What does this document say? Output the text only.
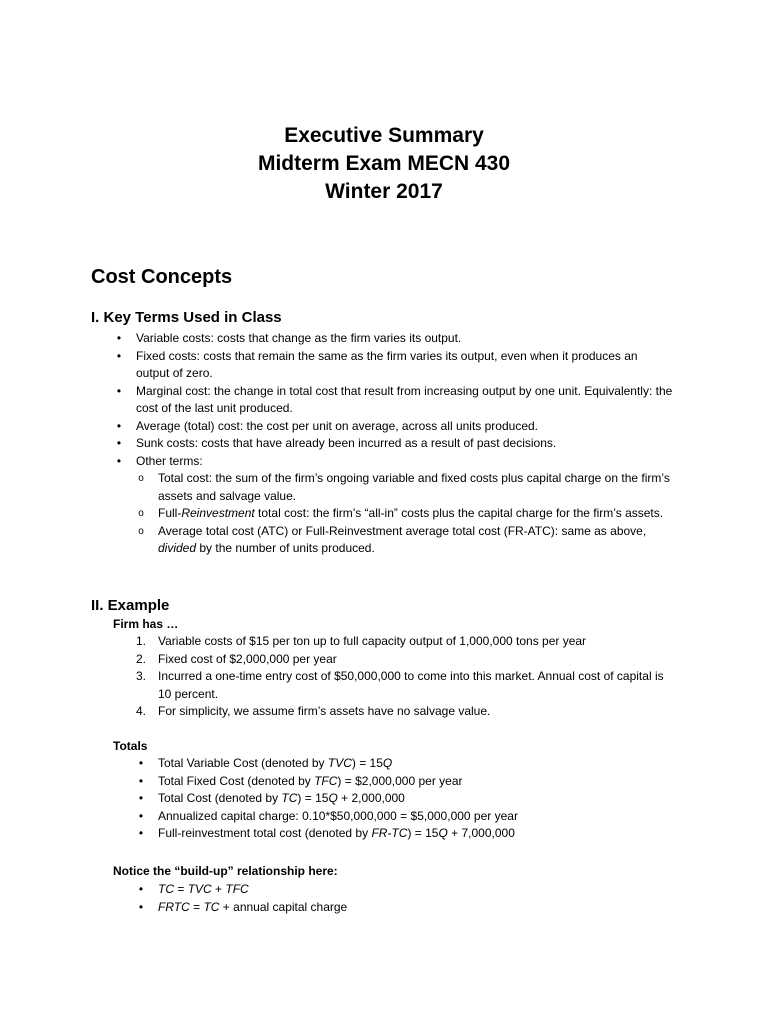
Executive Summary
Midterm Exam MECN 430
Winter 2017
Cost Concepts
I. Key Terms Used in Class
• Variable costs: costs that change as the firm varies its output.
• Fixed costs: costs that remain the same as the firm varies its output, even when it produces an output of zero.
• Marginal cost: the change in total cost that result from increasing output by one unit. Equivalently: the cost of the last unit produced.
• Average (total) cost: the cost per unit on average, across all units produced.
• Sunk costs: costs that have already been incurred as a result of past decisions.
• Other terms:
o Total cost: the sum of the firm’s ongoing variable and fixed costs plus capital charge on the firm’s assets and salvage value.
o Full-Reinvestment total cost: the firm’s “all-in” costs plus the capital charge for the firm’s assets.
o Average total cost (ATC) or Full-Reinvestment average total cost (FR-ATC): same as above, divided by the number of units produced.
II. Example
Firm has …
1. Variable costs of $15 per ton up to full capacity output of 1,000,000 tons per year
2. Fixed cost of $2,000,000 per year
3. Incurred a one-time entry cost of $50,000,000 to come into this market. Annual cost of capital is 10 percent.
4. For simplicity, we assume firm’s assets have no salvage value.
Totals
• Total Variable Cost (denoted by TVC) = 15Q
• Total Fixed Cost (denoted by TFC) = $2,000,000 per year
• Total Cost (denoted by TC) = 15Q + 2,000,000
• Annualized capital charge: 0.10*$50,000,000 = $5,000,000 per year
• Full-reinvestment total cost (denoted by FR-TC) = 15Q + 7,000,000
Notice the “build-up” relationship here:
• TC = TVC + TFC
• FRTC = TC + annual capital charge
